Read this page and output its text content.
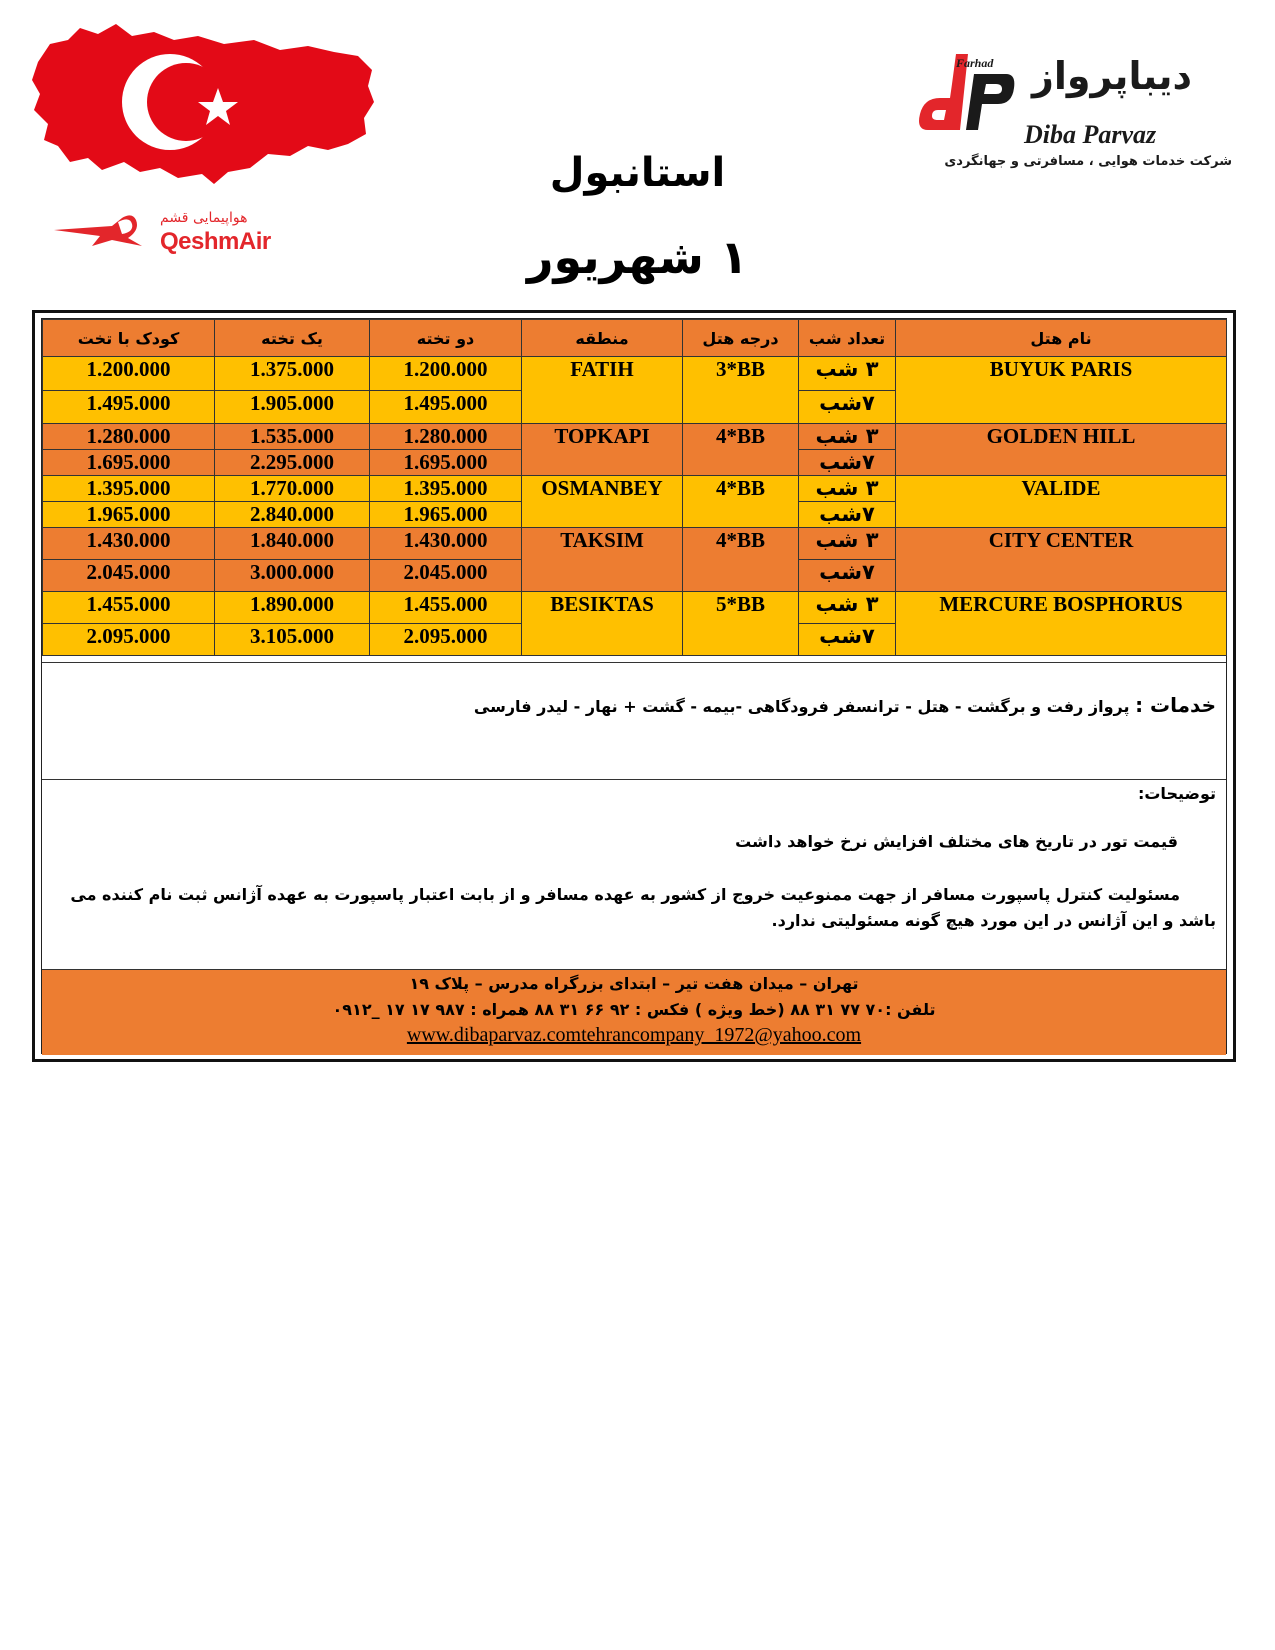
هواپیمایی قشم
QeshmAir
Farhad دیباپرواز
Diba Parvaz
شرکت خدمات هوایی ، مسافرتی و جهانگردی
استانبول
۱ شهریور
کودک با تخت	یک تخته	دو تخته	منطقه	درجه هتل	تعداد شب	نام هتل
1.200.000	1.375.000	1.200.000	FATIH	3*BB	۳ شب	BUYUK PARIS
1.495.000	1.905.000	1.495.000			۷شب	
1.280.000	1.535.000	1.280.000	TOPKAPI	4*BB	۳ شب	GOLDEN HILL
1.695.000	2.295.000	1.695.000			۷شب	
1.395.000	1.770.000	1.395.000	OSMANBEY	4*BB	۳ شب	VALIDE
1.965.000	2.840.000	1.965.000			۷شب	
1.430.000	1.840.000	1.430.000	TAKSIM	4*BB	۳ شب	CITY CENTER
2.045.000	3.000.000	2.045.000			۷شب	
1.455.000	1.890.000	1.455.000	BESIKTAS	5*BB	۳ شب	MERCURE BOSPHORUS
2.095.000	3.105.000	2.095.000			۷شب	
خدمات : پرواز رفت و برگشت - هتل - ترانسفر فرودگاهی -بیمه - گشت + نهار - لیدر فارسی
توضیحات:
قیمت تور در تاریخ های مختلف افزایش نرخ خواهد داشت
مسئولیت کنترل پاسپورت مسافر از جهت ممنوعیت خروج از کشور به عهده مسافر و از بابت اعتبار پاسپورت به عهده آژانس ثبت نام کننده می باشد و این آژانس در این مورد هیچ گونه مسئولیتی ندارد.
تهران – میدان هفت تیر – ابتدای بزرگراه مدرس – پلاک ۱۹
تلفن :۷۰ ۷۷ ۳۱ ۸۸ (خط ویژه ) فکس : ۹۲ ۶۶ ۳۱ ۸۸ همراه : ۹۸۷ ۱۷ ۱۷ _۰۹۱۲
www.dibaparvaz.comtehrancompany_1972@yahoo.com
